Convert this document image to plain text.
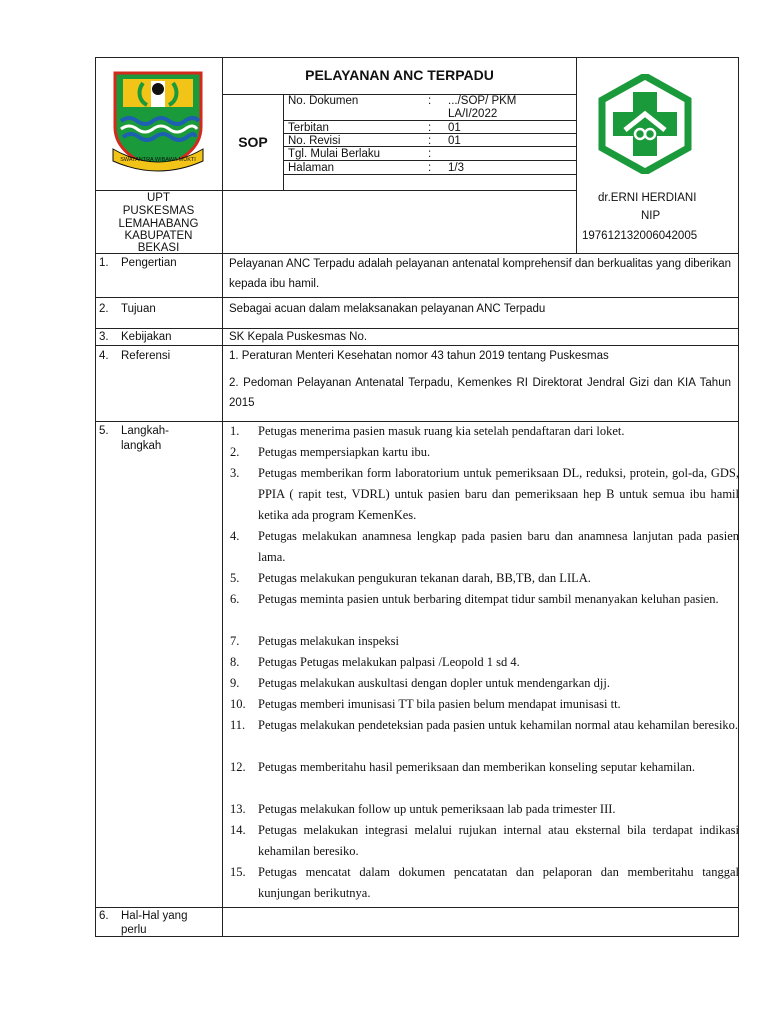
SWATANTRA WIBAWA MUKTI
PELAYANAN ANC TERPADU
SOP
No. Dokumen	: .../SOP/ PKM
LA/I/2022
Terbitan	: 01
No. Revisi	: 01
Tgl. Mulai Berlaku	:
Halaman	: 1/3
UPT
PUSKESMAS
LEMAHABANG
KABUPATEN
BEKASI
dr.ERNI HERDIANI
NIP
197612132006042005
1. Pengertian	Pelayanan ANC Terpadu adalah pelayanan antenatal komprehensif dan berkualitas yang diberikan kepada ibu hamil.
2. Tujuan	Sebagai acuan dalam melaksanakan pelayanan ANC Terpadu
3. Kebijakan	SK Kepala Puskesmas No.
4. Referensi	1. Peraturan Menteri Kesehatan nomor 43 tahun 2019 tentang Puskesmas
2. Pedoman Pelayanan Antenatal Terpadu, Kemenkes RI Direktorat Jendral Gizi dan KIA Tahun 2015
5. Langkah-
langkah
1.	Petugas menerima pasien masuk ruang kia setelah pendaftaran dari loket.
2.	Petugas mempersiapkan kartu ibu.
3.	Petugas memberikan form laboratorium untuk pemeriksaan DL, reduksi, protein, gol-da, GDS, PPIA ( rapit test, VDRL) untuk pasien baru dan pemeriksaan hep B untuk semua ibu hamil ketika ada program KemenKes.
4.	Petugas melakukan anamnesa lengkap pada pasien baru dan anamnesa lanjutan pada pasien lama.
5.	Petugas melakukan pengukuran tekanan darah, BB,TB, dan LILA.
6.	Petugas meminta pasien untuk berbaring ditempat tidur sambil menanyakan keluhan pasien.
7.	Petugas melakukan inspeksi
8.	Petugas Petugas melakukan palpasi /Leopold 1 sd 4.
9.	Petugas melakukan auskultasi dengan dopler untuk mendengarkan djj.
10. Petugas memberi imunisasi TT bila pasien belum mendapat imunisasi tt.
11.	Petugas melakukan pendeteksian pada pasien untuk kehamilan normal atau kehamilan beresiko.
12. Petugas memberitahu hasil pemeriksaan dan memberikan konseling seputar kehamilan.
13. Petugas melakukan follow up untuk pemeriksaan lab pada trimester III.
14. Petugas melakukan integrasi melalui rujukan internal atau eksternal bila terdapat indikasi kehamilan beresiko.
15. Petugas mencatat dalam dokumen pencatatan dan pelaporan dan memberitahu tanggal kunjungan berikutnya.
6. Hal-Hal yang
perlu
